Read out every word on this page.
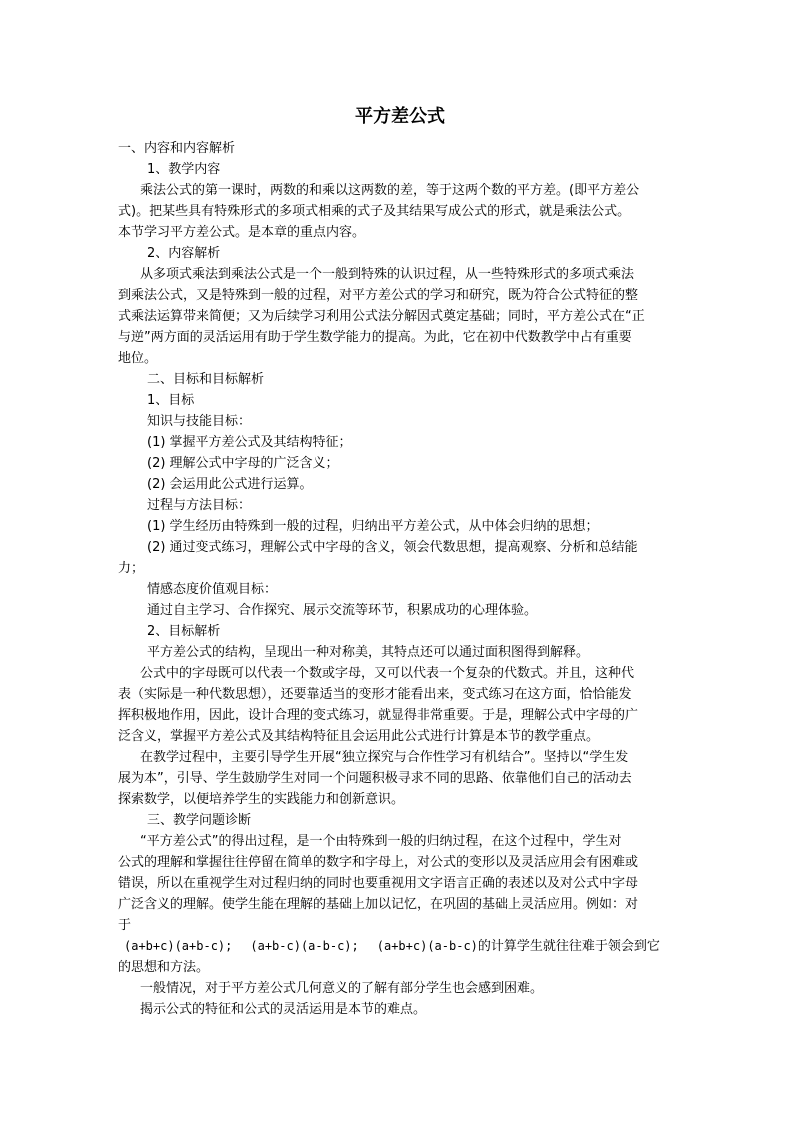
平方差公式

一、内容和内容解析

1、教学内容

乘法公式的第一课时，两数的和乘以这两数的差，等于这两个数的平方差。(即平方差公

式)。把某些具有特殊形式的多项式相乘的式子及其结果写成公式的形式，就是乘法公式。

本节学习平方差公式。是本章的重点内容。

2、内容解析

从多项式乘法到乘法公式是一个一般到特殊的认识过程，从一些特殊形式的多项式乘法

到乘法公式，又是特殊到一般的过程，对平方差公式的学习和研究，既为符合公式特征的整

式乘法运算带来简便；又为后续学习利用公式法分解因式奠定基础；同时，平方差公式在“正

与逆”两方面的灵活运用有助于学生数学能力的提高。为此，它在初中代数教学中占有重要

地位。

二、目标和目标解析

1、目标

知识与技能目标：

(1) 掌握平方差公式及其结构特征；

(2) 理解公式中字母的广泛含义；

(2) 会运用此公式进行运算。

过程与方法目标：

(1) 学生经历由特殊到一般的过程，归纳出平方差公式，从中体会归纳的思想；

(2) 通过变式练习，理解公式中字母的含义，领会代数思想，提高观察、分析和总结能

力；

情感态度价值观目标：

通过自主学习、合作探究、展示交流等环节，积累成功的心理体验。

2、目标解析

平方差公式的结构，呈现出一种对称美，其特点还可以通过面积图得到解释。

公式中的字母既可以代表一个数或字母，又可以代表一个复杂的代数式。并且，这种代

表（实际是一种代数思想），还要靠适当的变形才能看出来，变式练习在这方面，恰恰能发

挥积极地作用，因此，设计合理的变式练习，就显得非常重要。于是，理解公式中字母的广

泛含义，掌握平方差公式及其结构特征且会运用此公式进行计算是本节的教学重点。

在教学过程中，主要引导学生开展“独立探究与合作性学习有机结合”。坚持以“学生发

展为本”，引导、学生鼓励学生对同一个问题积极寻求不同的思路、依靠他们自己的活动去

探索数学，以便培养学生的实践能力和创新意识。

三、教学问题诊断

“平方差公式”的得出过程，是一个由特殊到一般的归纳过程，在这个过程中，学生对

公式的理解和掌握往往停留在简单的数字和字母上，对公式的变形以及灵活应用会有困难或

错误，所以在重视学生对过程归纳的同时也要重视用文字语言正确的表述以及对公式中字母

广泛含义的理解。使学生能在理解的基础上加以记忆，在巩固的基础上灵活应用。例如：对

于

(a+b+c)(a+b-c); (a+b-c)(a-b-c); (a+b+c)(a-b-c)的计算学生就往往难于领会到它

的思想和方法。

一般情况，对于平方差公式几何意义的了解有部分学生也会感到困难。

揭示公式的特征和公式的灵活运用是本节的难点。
